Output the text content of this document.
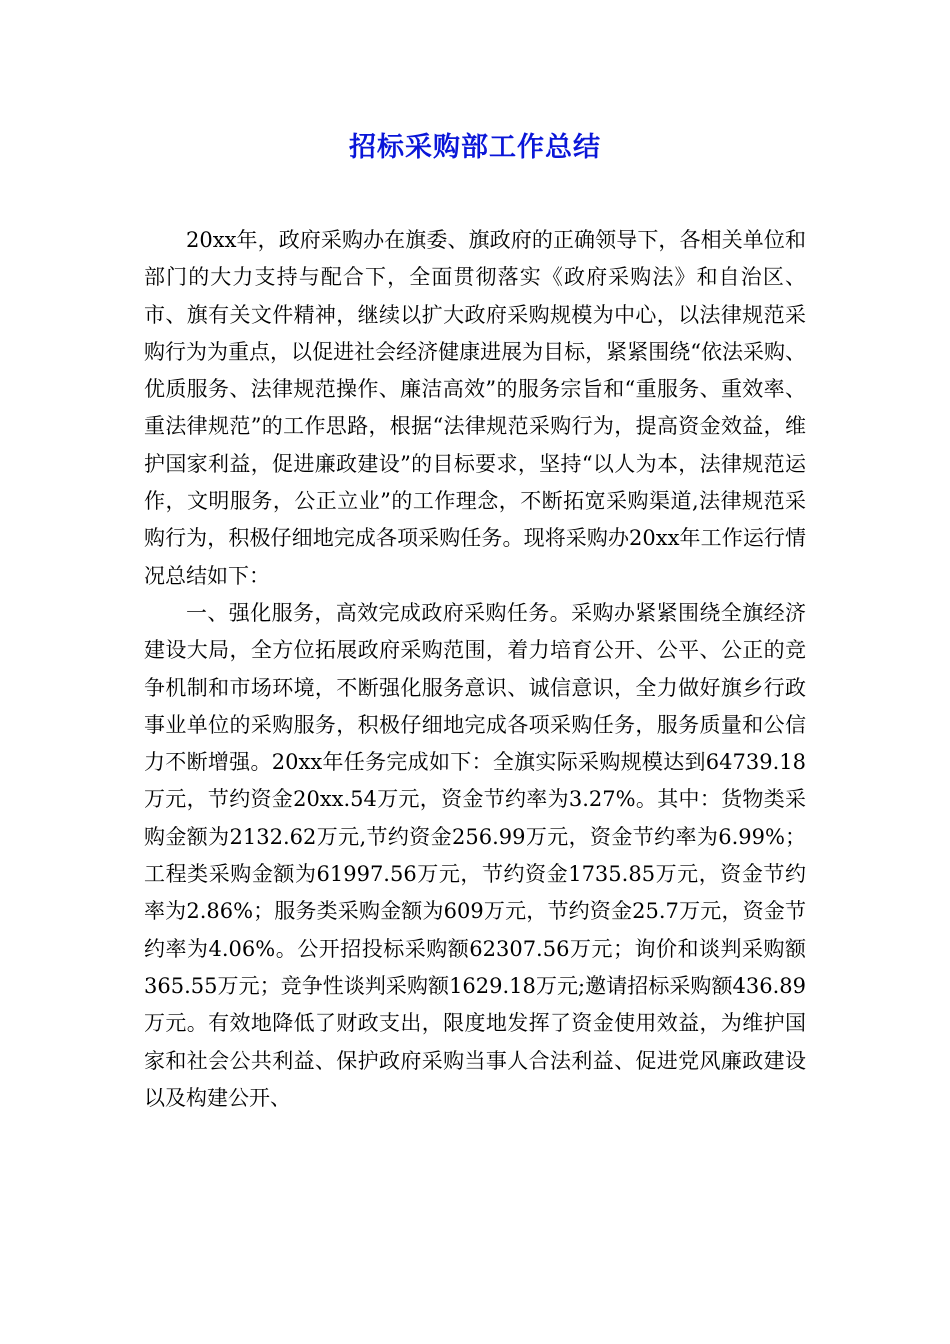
招标采购部工作总结

20xx年，政府采购办在旗委、旗政府的正确领导下，各相关单位和部门的大力支持与配合下，全面贯彻落实《政府采购法》和自治区、市、旗有关文件精神，继续以扩大政府采购规模为中心，以法律规范采购行为为重点，以促进社会经济健康进展为目标，紧紧围绕“依法采购、优质服务、法律规范操作、廉洁高效”的服务宗旨和“重服务、重效率、重法律规范”的工作思路，根据“法律规范采购行为，提高资金效益，维护国家利益，促进廉政建设”的目标要求，坚持“以人为本，法律规范运作，文明服务，公正立业”的工作理念，不断拓宽采购渠道,法律规范采购行为，积极仔细地完成各项采购任务。现将采购办20xx年工作运行情况总结如下：

一、强化服务，高效完成政府采购任务。采购办紧紧围绕全旗经济建设大局，全方位拓展政府采购范围，着力培育公开、公平、公正的竞争机制和市场环境，不断强化服务意识、诚信意识，全力做好旗乡行政事业单位的采购服务，积极仔细地完成各项采购任务，服务质量和公信力不断增强。20xx年任务完成如下：全旗实际采购规模达到64739.18万元，节约资金20xx.54万元，资金节约率为3.27%。其中：货物类采购金额为2132.62万元,节约资金256.99万元，资金节约率为6.99%；工程类采购金额为61997.56万元，节约资金1735.85万元，资金节约率为2.86%；服务类采购金额为609万元，节约资金25.7万元，资金节约率为4.06%。公开招投标采购额62307.56万元；询价和谈判采购额365.55万元；竞争性谈判采购额1629.18万元;邀请招标采购额436.89万元。有效地降低了财政支出，限度地发挥了资金使用效益，为维护国家和社会公共利益、保护政府采购当事人合法利益、促进党风廉政建设以及构建公开、
